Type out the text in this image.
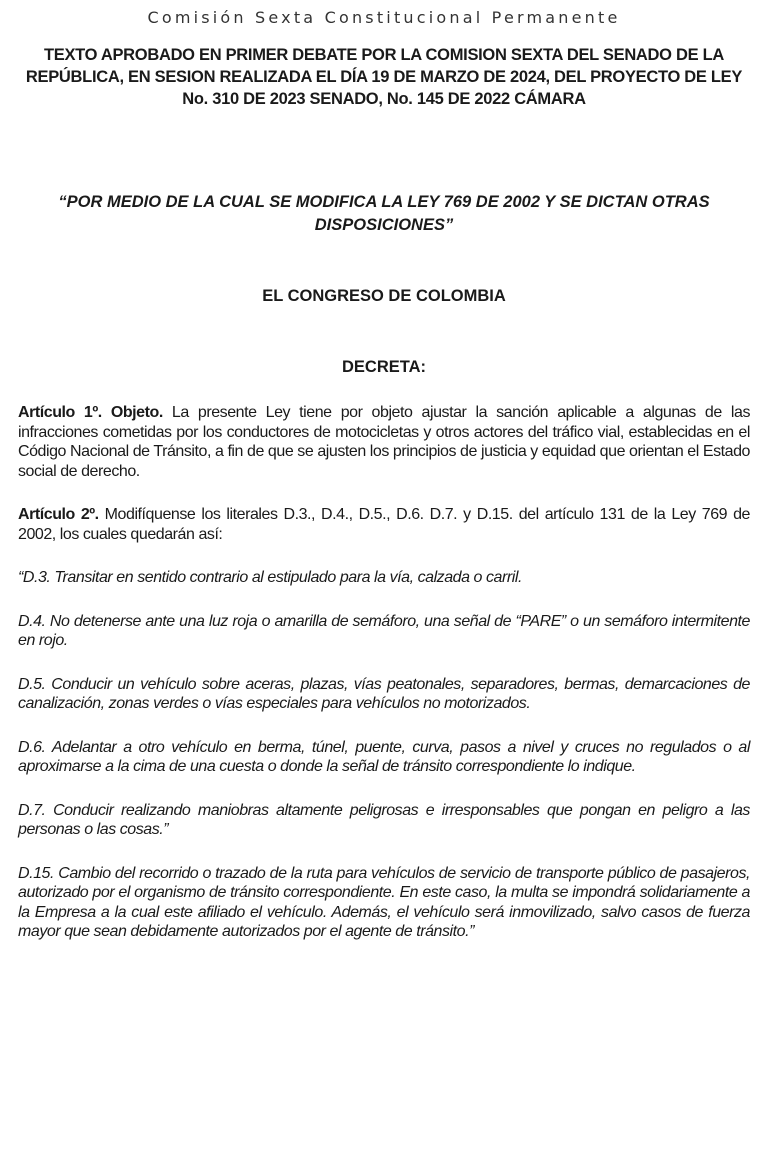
Comisión Sexta Constitucional Permanente
TEXTO APROBADO EN PRIMER DEBATE POR LA COMISION SEXTA DEL SENADO DE LA REPÚBLICA, EN SESION REALIZADA EL DÍA 19 DE MARZO DE 2024, DEL PROYECTO DE LEY No. 310 DE 2023 SENADO, No. 145 DE 2022 CÁMARA
“POR MEDIO DE LA CUAL SE MODIFICA LA LEY 769 DE 2002 Y SE DICTAN OTRAS DISPOSICIONES”
EL CONGRESO DE COLOMBIA
DECRETA:

Artículo 1º. Objeto. La presente Ley tiene por objeto ajustar la sanción aplicable a algunas de las infracciones cometidas por los conductores de motocicletas y otros actores del tráfico vial, establecidas en el Código Nacional de Tránsito, a fin de que se ajusten los principios de justicia y equidad que orientan el Estado social de derecho.

Artículo 2º. Modifíquense los literales D.3., D.4., D.5., D.6. D.7. y D.15. del artículo 131 de la Ley 769 de 2002, los cuales quedarán así:

“D.3. Transitar en sentido contrario al estipulado para la vía, calzada o carril.

D.4. No detenerse ante una luz roja o amarilla de semáforo, una señal de “PARE” o un semáforo intermitente en rojo.

D.5. Conducir un vehículo sobre aceras, plazas, vías peatonales, separadores, bermas, demarcaciones de canalización, zonas verdes o vías especiales para vehículos no motorizados.

D.6. Adelantar a otro vehículo en berma, túnel, puente, curva, pasos a nivel y cruces no regulados o al aproximarse a la cima de una cuesta o donde la señal de tránsito correspondiente lo indique.

D.7. Conducir realizando maniobras altamente peligrosas e irresponsables que pongan en peligro a las personas o las cosas.”

D.15. Cambio del recorrido o trazado de la ruta para vehículos de servicio de transporte público de pasajeros, autorizado por el organismo de tránsito correspondiente. En este caso, la multa se impondrá solidariamente a la Empresa a la cual este afiliado el vehículo. Además, el vehículo será inmovilizado, salvo casos de fuerza mayor que sean debidamente autorizados por el agente de tránsito.”
